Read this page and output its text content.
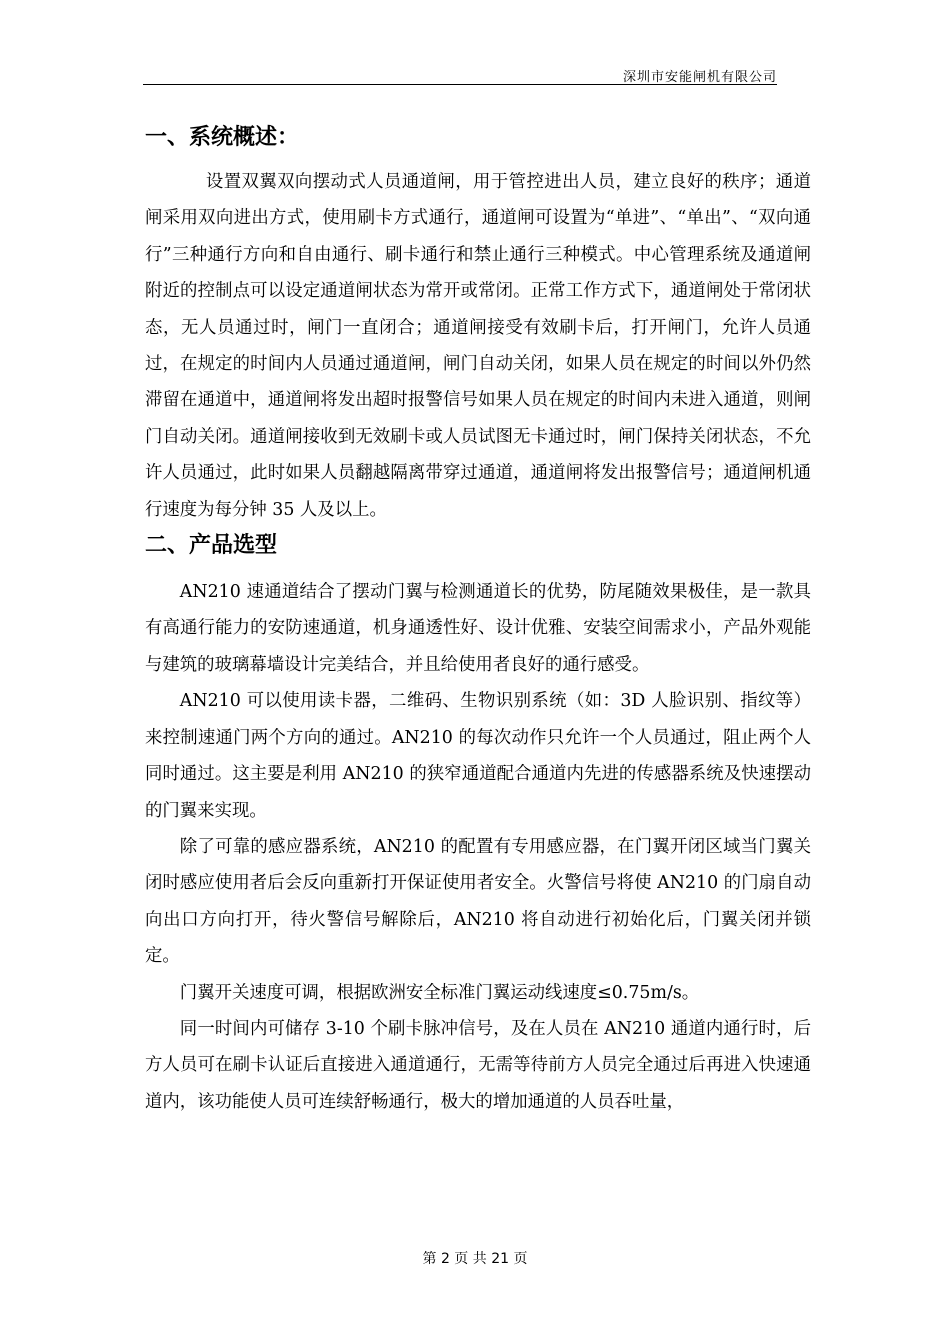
深圳市安能闸机有限公司
一、系统概述：

设置双翼双向摆动式人员通道闸，用于管控进出人员，建立良好的秩序；通道闸采用双向进出方式，使用刷卡方式通行，通道闸可设置为“单进”、“单出”、“双向通行”三种通行方向和自由通行、刷卡通行和禁止通行三种模式。中心管理系统及通道闸附近的控制点可以设定通道闸状态为常开或常闭。正常工作方式下，通道闸处于常闭状态，无人员通过时，闸门一直闭合；通道闸接受有效刷卡后，打开闸门，允许人员通过，在规定的时间内人员通过通道闸，闸门自动关闭，如果人员在规定的时间以外仍然滞留在通道中，通道闸将发出超时报警信号如果人员在规定的时间内未进入通道，则闸门自动关闭。通道闸接收到无效刷卡或人员试图无卡通过时，闸门保持关闭状态，不允许人员通过，此时如果人员翻越隔离带穿过通道，通道闸将发出报警信号；通道闸机通行速度为每分钟 35 人及以上。

二、产品选型

AN210 速通道结合了摆动门翼与检测通道长的优势，防尾随效果极佳，是一款具有高通行能力的安防速通道，机身通透性好、设计优雅、安装空间需求小，产品外观能与建筑的玻璃幕墙设计完美结合，并且给使用者良好的通行感受。

AN210 可以使用读卡器，二维码、生物识别系统（如：3D 人脸识别、指纹等）来控制速通门两个方向的通过。AN210 的每次动作只允许一个人员通过，阻止两个人同时通过。这主要是利用 AN210 的狭窄通道配合通道内先进的传感器系统及快速摆动的门翼来实现。

除了可靠的感应器系统，AN210 的配置有专用感应器，在门翼开闭区域当门翼关闭时感应使用者后会反向重新打开保证使用者安全。火警信号将使 AN210 的门扇自动向出口方向打开，待火警信号解除后，AN210 将自动进行初始化后，门翼关闭并锁定。

门翼开关速度可调，根据欧洲安全标准门翼运动线速度≤0.75m/s。

同一时间内可储存 3-10 个刷卡脉冲信号，及在人员在 AN210 通道内通行时，后方人员可在刷卡认证后直接进入通道通行，无需等待前方人员完全通过后再进入快速通道内，该功能使人员可连续舒畅通行，极大的增加通道的人员吞吐量，

第 2 页 共 21 页
